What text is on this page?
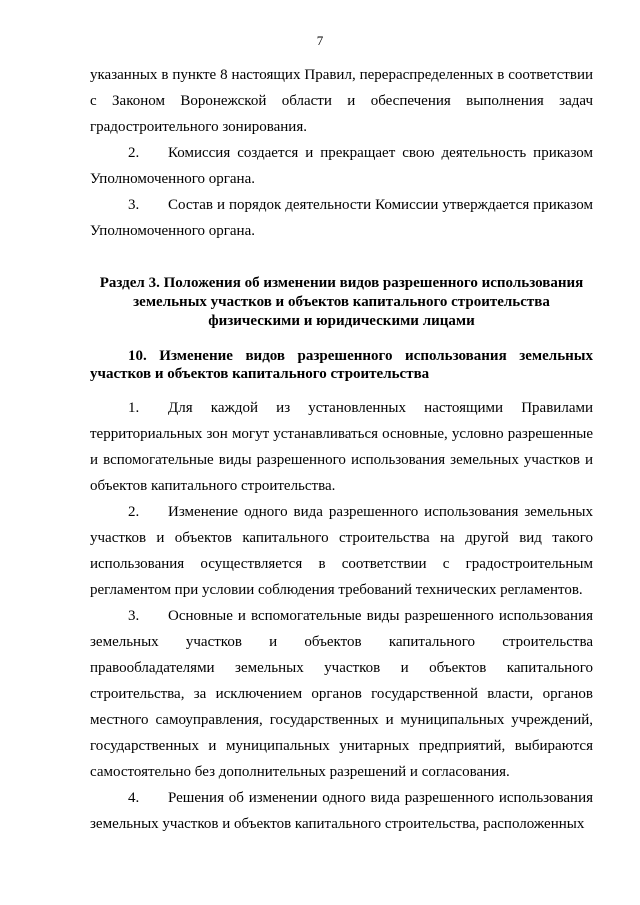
7

указанных в пункте 8 настоящих Правил, перераспределенных в соответствии с Законом Воронежской области и обеспечения выполнения задач градостроительного зонирования.

2. Комиссия создается и прекращает свою деятельность приказом Уполномоченного органа.

3. Состав и порядок деятельности Комиссии утверждается приказом Уполномоченного органа.

Раздел 3. Положения об изменении видов разрешенного использования
земельных участков и объектов капитального строительства
физическими и юридическими лицами
10. Изменение видов разрешенного использования земельных участков и объектов капитального строительства

1. Для каждой из установленных настоящими Правилами территориальных зон могут устанавливаться основные, условно разрешенные и вспомогательные виды разрешенного использования земельных участков и объектов капитального строительства.

2. Изменение одного вида разрешенного использования земельных участков и объектов капитального строительства на другой вид такого использования осуществляется в соответствии с градостроительным регламентом при условии соблюдения требований технических регламентов.

3. Основные и вспомогательные виды разрешенного использования земельных участков и объектов капитального строительства правообладателями земельных участков и объектов капитального строительства, за исключением органов государственной власти, органов местного самоуправления, государственных и муниципальных учреждений, государственных и муниципальных унитарных предприятий, выбираются самостоятельно без дополнительных разрешений и согласования.

4. Решения об изменении одного вида разрешенного использования земельных участков и объектов капитального строительства, расположенных
